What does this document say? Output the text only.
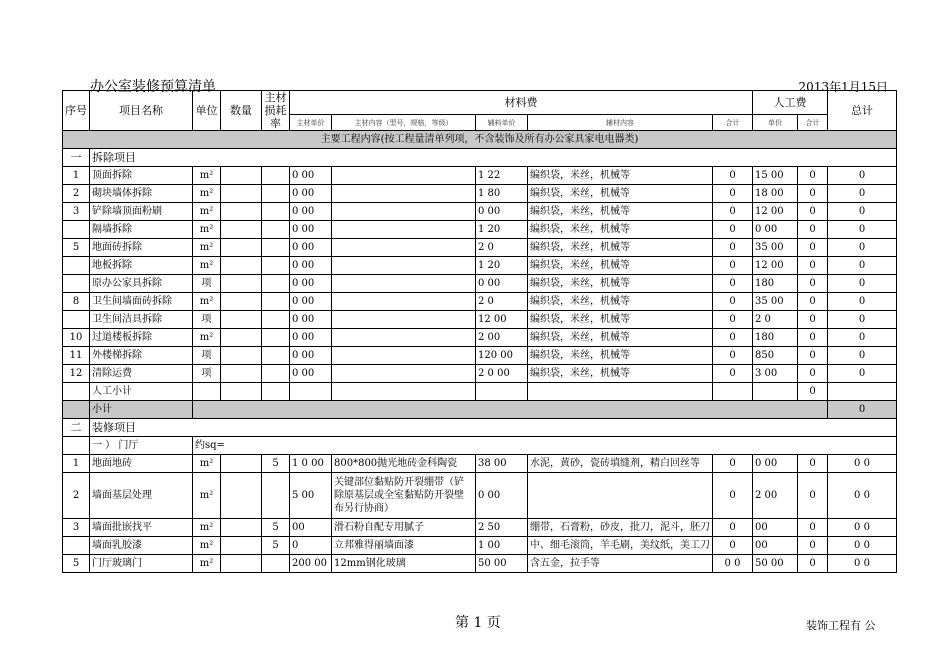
办公室装修预算清单	2013年1月15日
序号	项目名称	单位	数量	主材损耗率	材料费					人工费		总计
					主材单价	主材内容（型号，规格，等级）	辅料单价	辅材内容	合计	单价	合计	
主要工程内容(按工程量清单列项，不含装饰及所有办公家具家电电器类)												
一	拆除项目											
1	顶面拆除	m²			0 00		1 22	编织袋，米丝，机械等	0	15 00	0	0
2	砌块墙体拆除	m²			0 00		1 80	编织袋，米丝，机械等	0	18 00	0	0
3	铲除墙顶面粉刷	m²			0 00		0 00	编织袋，米丝，机械等	0	12 00	0	0
	隔墙拆除	m²			0 00		1 20	编织袋，米丝，机械等	0	0 00	0	0
5	地面砖拆除	m²			0 00		2 0	编织袋，米丝，机械等	0	35 00	0	0
	地板拆除	m²			0 00		1 20	编织袋，米丝，机械等	0	12 00	0	0
	原办公家具拆除	项			0 00		0 00	编织袋，米丝，机械等	0	180	0	0
8	卫生间墙面砖拆除	m²			0 00		2 0	编织袋，米丝，机械等	0	35 00	0	0
	卫生间洁具拆除	项			0 00		12 00	编织袋，米丝，机械等	0	2 0	0	0
10	过道楼板拆除	m²			0 00		2 00	编织袋，米丝，机械等	0	180	0	0
11	外楼梯拆除	项			0 00		120 00	编织袋，米丝，机械等	0	850	0	0
12	清除运费	项			0 00		2 0 00	编织袋，米丝，机械等	0	3 00	0	0
	人工小计										0	
	小计											0
二	装修项目											
	一 ） 门厅	约sq=										
1	地面地砖	m²		5	1 0 00	800*800抛光地砖金科陶瓷	38 00	水泥，黄砂，瓷砖填缝剂，精白回丝等	0	0 00	0	0 0
2	墙面基层处理	m²			5 00	关键部位黏贴防开裂绷带（铲除原基层或全室黏贴防开裂壁布另行协商）	0 00		0	2 00	0	0 0
3	墙面批嵌找平	m²		5	00	滑石粉自配专用腻子	2 50	绷带，石膏粉，砂皮，批刀，泥斗，胚刀	0	00	0	0 0
	墙面乳胶漆	m²		5	0	立邦雅得丽墙面漆	1 00	中、细毛滚筒，羊毛刷，美纹纸，美工刀	0	00	0	0 0
5	门厅玻璃门	m²			200 00	12mm钢化玻璃	50 00	含五金，拉手等	0 0	50 00	0	0 0
第 1 页	装饰工程有 公
